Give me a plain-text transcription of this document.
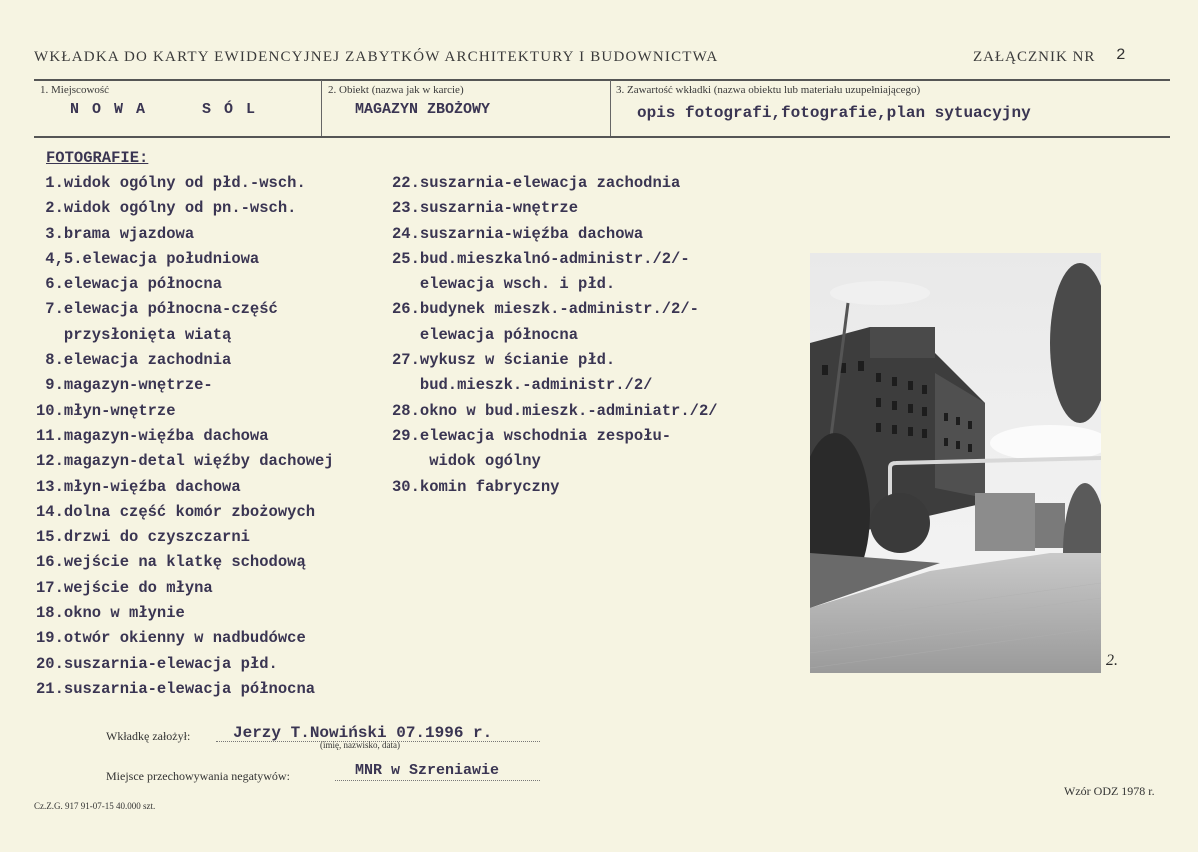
WKŁADKA DO KARTY EWIDENCYJNEJ ZABYTKÓW ARCHITEKTURY I BUDOWNICTWA	ZAŁĄCZNIK NR 2
1. Miejscowość
N O W A     S Ó L
2. Obiekt (nazwa jak w karcie)
MAGAZYN ZBOŻOWY
3. Zawartość wkładki (nazwa obiektu lub materiału uzupełniającego)
opis fotografi,fotografie,plan sytuacyjny
FOTOGRAFIE:
1.widok ogólny od płd.-wsch.
2.widok ogólny od pn.-wsch.
3.brama wjazdowa
4,5.elewacja południowa
6.elewacja północna
7.elewacja północna-część
przysłonięta wiatą
8.elewacja zachodnia
9.magazyn-wnętrze-
10.młyn-wnętrze
11.magazyn-więźba dachowa
12.magazyn-detal więźby dachowej
13.młyn-więźba dachowa
14.dolna część komór zbożowych
15.drzwi do czyszczarni
16.wejście na klatkę schodową
17.wejście do młyna
18.okno w młynie
19.otwór okienny w nadbudówce
20.suszarnia-elewacja płd.
21.suszarnia-elewacja północna
22.suszarnia-elewacja zachodnia
23.suszarnia-wnętrze
24.suszarnia-więźba dachowa
25.bud.mieszkalnó-administr./2/-
elewacja wsch. i płd.
26.budynek mieszk.-administr./2/-
elewacja północna
27.wykusz w ścianie płd.
bud.mieszk.-administr./2/
28.okno w bud.mieszk.-adminiatr./2/
29.elewacja wschodnia zespołu-
widok ogólny
30.komin fabryczny
2.
Wkładkę założył:	Jerzy T.Nowiński 07.1996 r.
(imię, nazwisko, data)
Miejsce przechowywania negatywów:	MNR w Szreniawie
Cz.Z.G. 917 91-07-15 40.000 szt.
Wzór ODZ 1978 r.
